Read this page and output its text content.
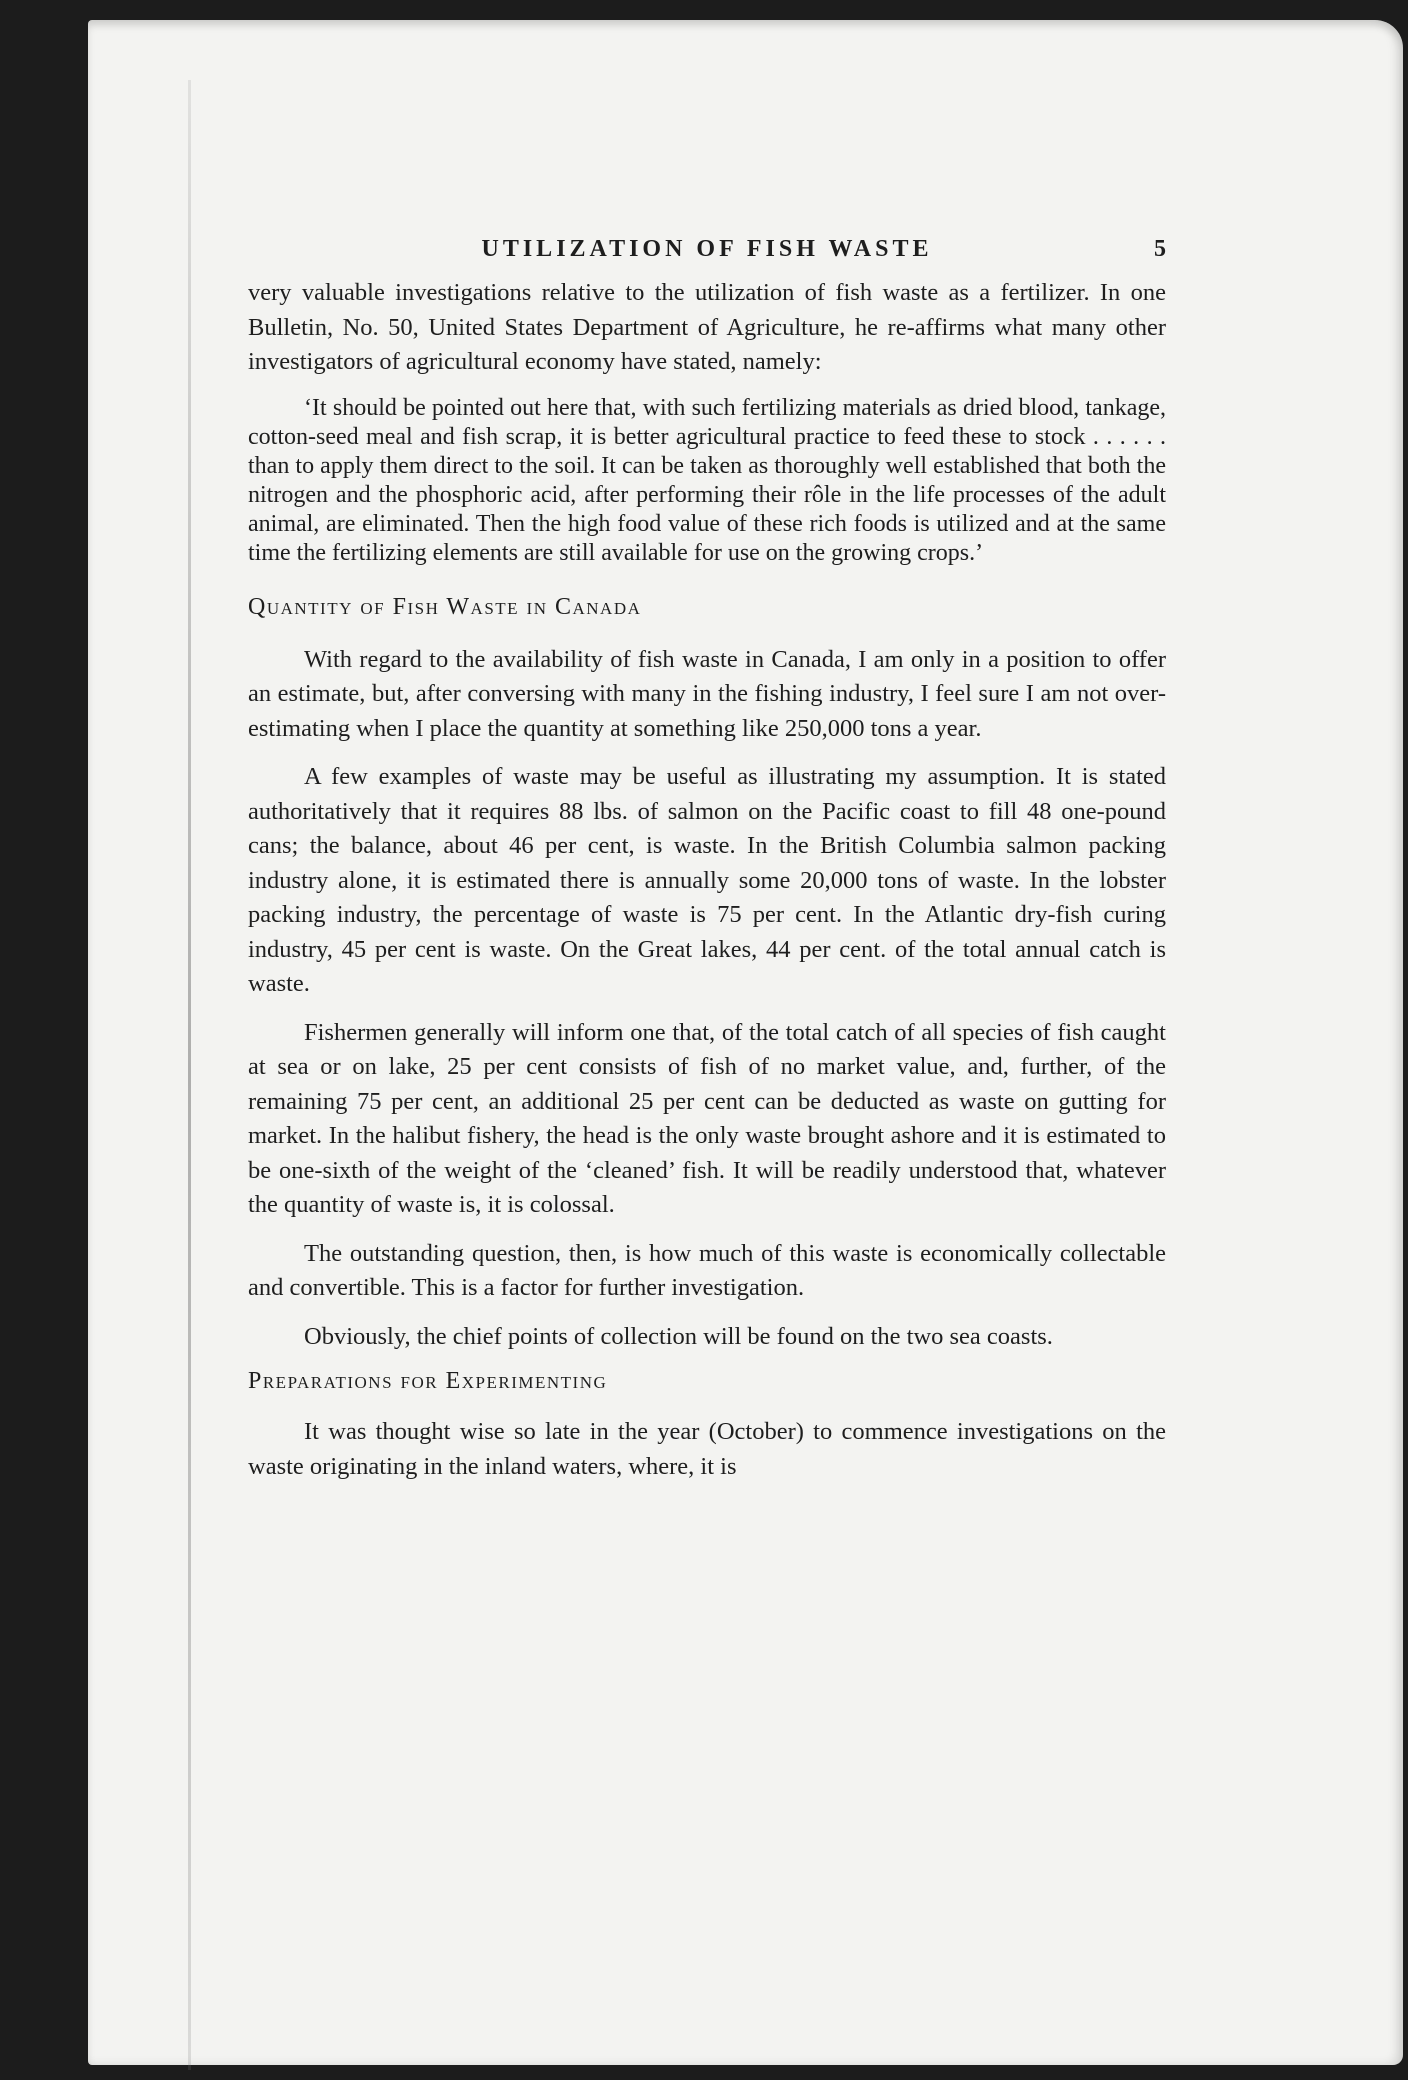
UTILIZATION OF FISH WASTE	5

very valuable investigations relative to the utilization of fish waste as a fertilizer. In one Bulletin, No. 50, United States Department of Agriculture, he re-affirms what many other investigators of agricultural economy have stated, namely:

‘It should be pointed out here that, with such fertilizing materials as dried blood, tankage, cotton-seed meal and fish scrap, it is better agricultural practice to feed these to stock . . . . . . than to apply them direct to the soil. It can be taken as thoroughly well established that both the nitrogen and the phosphoric acid, after performing their rôle in the life processes of the adult animal, are eliminated. Then the high food value of these rich foods is utilized and at the same time the fertilizing elements are still available for use on the growing crops.’

Quantity of Fish Waste in Canada

With regard to the availability of fish waste in Canada, I am only in a position to offer an estimate, but, after conversing with many in the fishing industry, I feel sure I am not over-estimating when I place the quantity at something like 250,000 tons a year.

A few examples of waste may be useful as illustrating my assumption. It is stated authoritatively that it requires 88 lbs. of salmon on the Pacific coast to fill 48 one-pound cans; the balance, about 46 per cent, is waste. In the British Columbia salmon packing industry alone, it is estimated there is annually some 20,000 tons of waste. In the lobster packing industry, the percentage of waste is 75 per cent. In the Atlantic dry-fish curing industry, 45 per cent is waste. On the Great lakes, 44 per cent. of the total annual catch is waste.

Fishermen generally will inform one that, of the total catch of all species of fish caught at sea or on lake, 25 per cent consists of fish of no market value, and, further, of the remaining 75 per cent, an additional 25 per cent can be deducted as waste on gutting for market. In the halibut fishery, the head is the only waste brought ashore and it is estimated to be one-sixth of the weight of the ‘cleaned’ fish. It will be readily understood that, whatever the quantity of waste is, it is colossal.

The outstanding question, then, is how much of this waste is economically collectable and convertible. This is a factor for further investigation.

Obviously, the chief points of collection will be found on the two sea coasts.

Preparations for Experimenting

It was thought wise so late in the year (October) to commence investigations on the waste originating in the inland waters, where, it is
